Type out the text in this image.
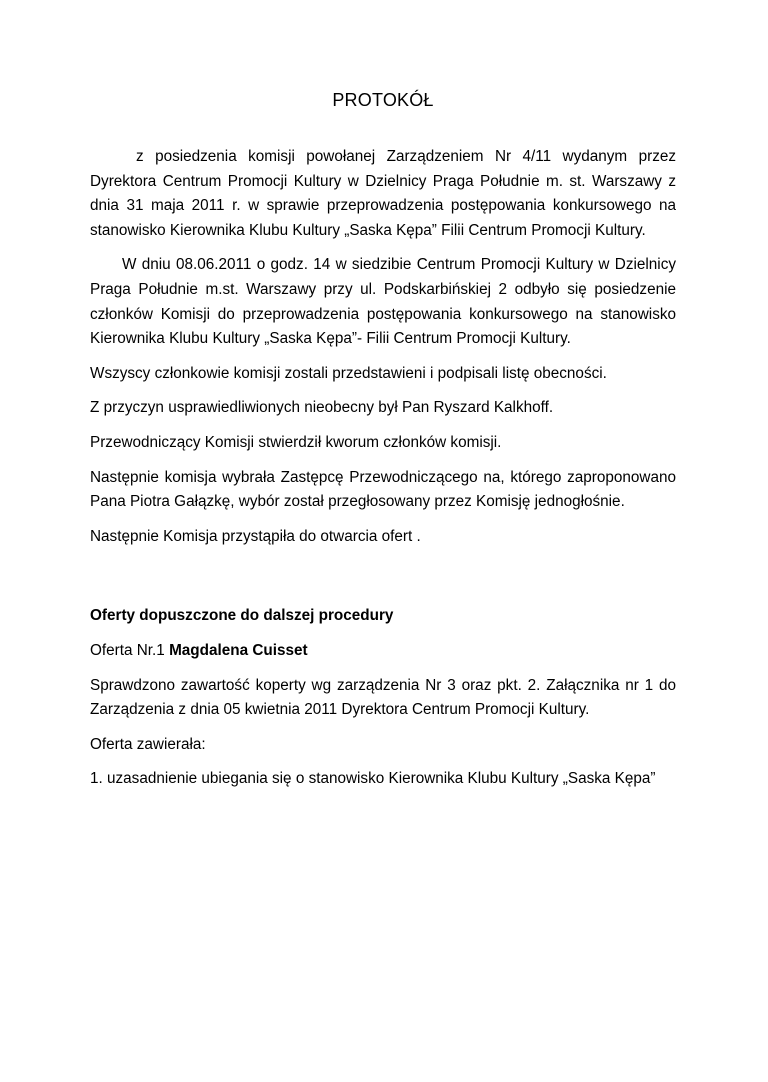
PROTOKÓŁ

z posiedzenia komisji powołanej Zarządzeniem Nr 4/11 wydanym przez Dyrektora Centrum Promocji Kultury w Dzielnicy Praga Południe m. st. Warszawy z dnia 31 maja 2011 r. w sprawie przeprowadzenia postępowania konkursowego na stanowisko Kierownika Klubu Kultury „Saska Kępa” Filii Centrum Promocji Kultury.

W dniu 08.06.2011 o godz. 14 w siedzibie Centrum Promocji Kultury w Dzielnicy Praga Południe m.st. Warszawy przy ul. Podskarbińskiej 2 odbyło się posiedzenie członków Komisji do przeprowadzenia postępowania konkursowego na stanowisko Kierownika Klubu Kultury „Saska Kępa”- Filii Centrum Promocji Kultury.

Wszyscy członkowie komisji zostali przedstawieni i podpisali listę obecności.

Z przyczyn usprawiedliwionych nieobecny był Pan Ryszard Kalkhoff.

Przewodniczący Komisji stwierdził kworum członków komisji.

Następnie komisja wybrała Zastępcę Przewodniczącego na, którego zaproponowano Pana Piotra Gałązkę, wybór został przegłosowany przez Komisję jednogłośnie.

Następnie Komisja przystąpiła do otwarcia ofert .

Oferty dopuszczone do dalszej procedury

Oferta Nr.1 Magdalena Cuisset

Sprawdzono zawartość koperty wg zarządzenia Nr 3 oraz pkt. 2. Załącznika nr 1 do Zarządzenia z dnia 05 kwietnia 2011 Dyrektora Centrum Promocji Kultury.

Oferta zawierała:

1. uzasadnienie ubiegania się o stanowisko Kierownika Klubu Kultury „Saska Kępa”
